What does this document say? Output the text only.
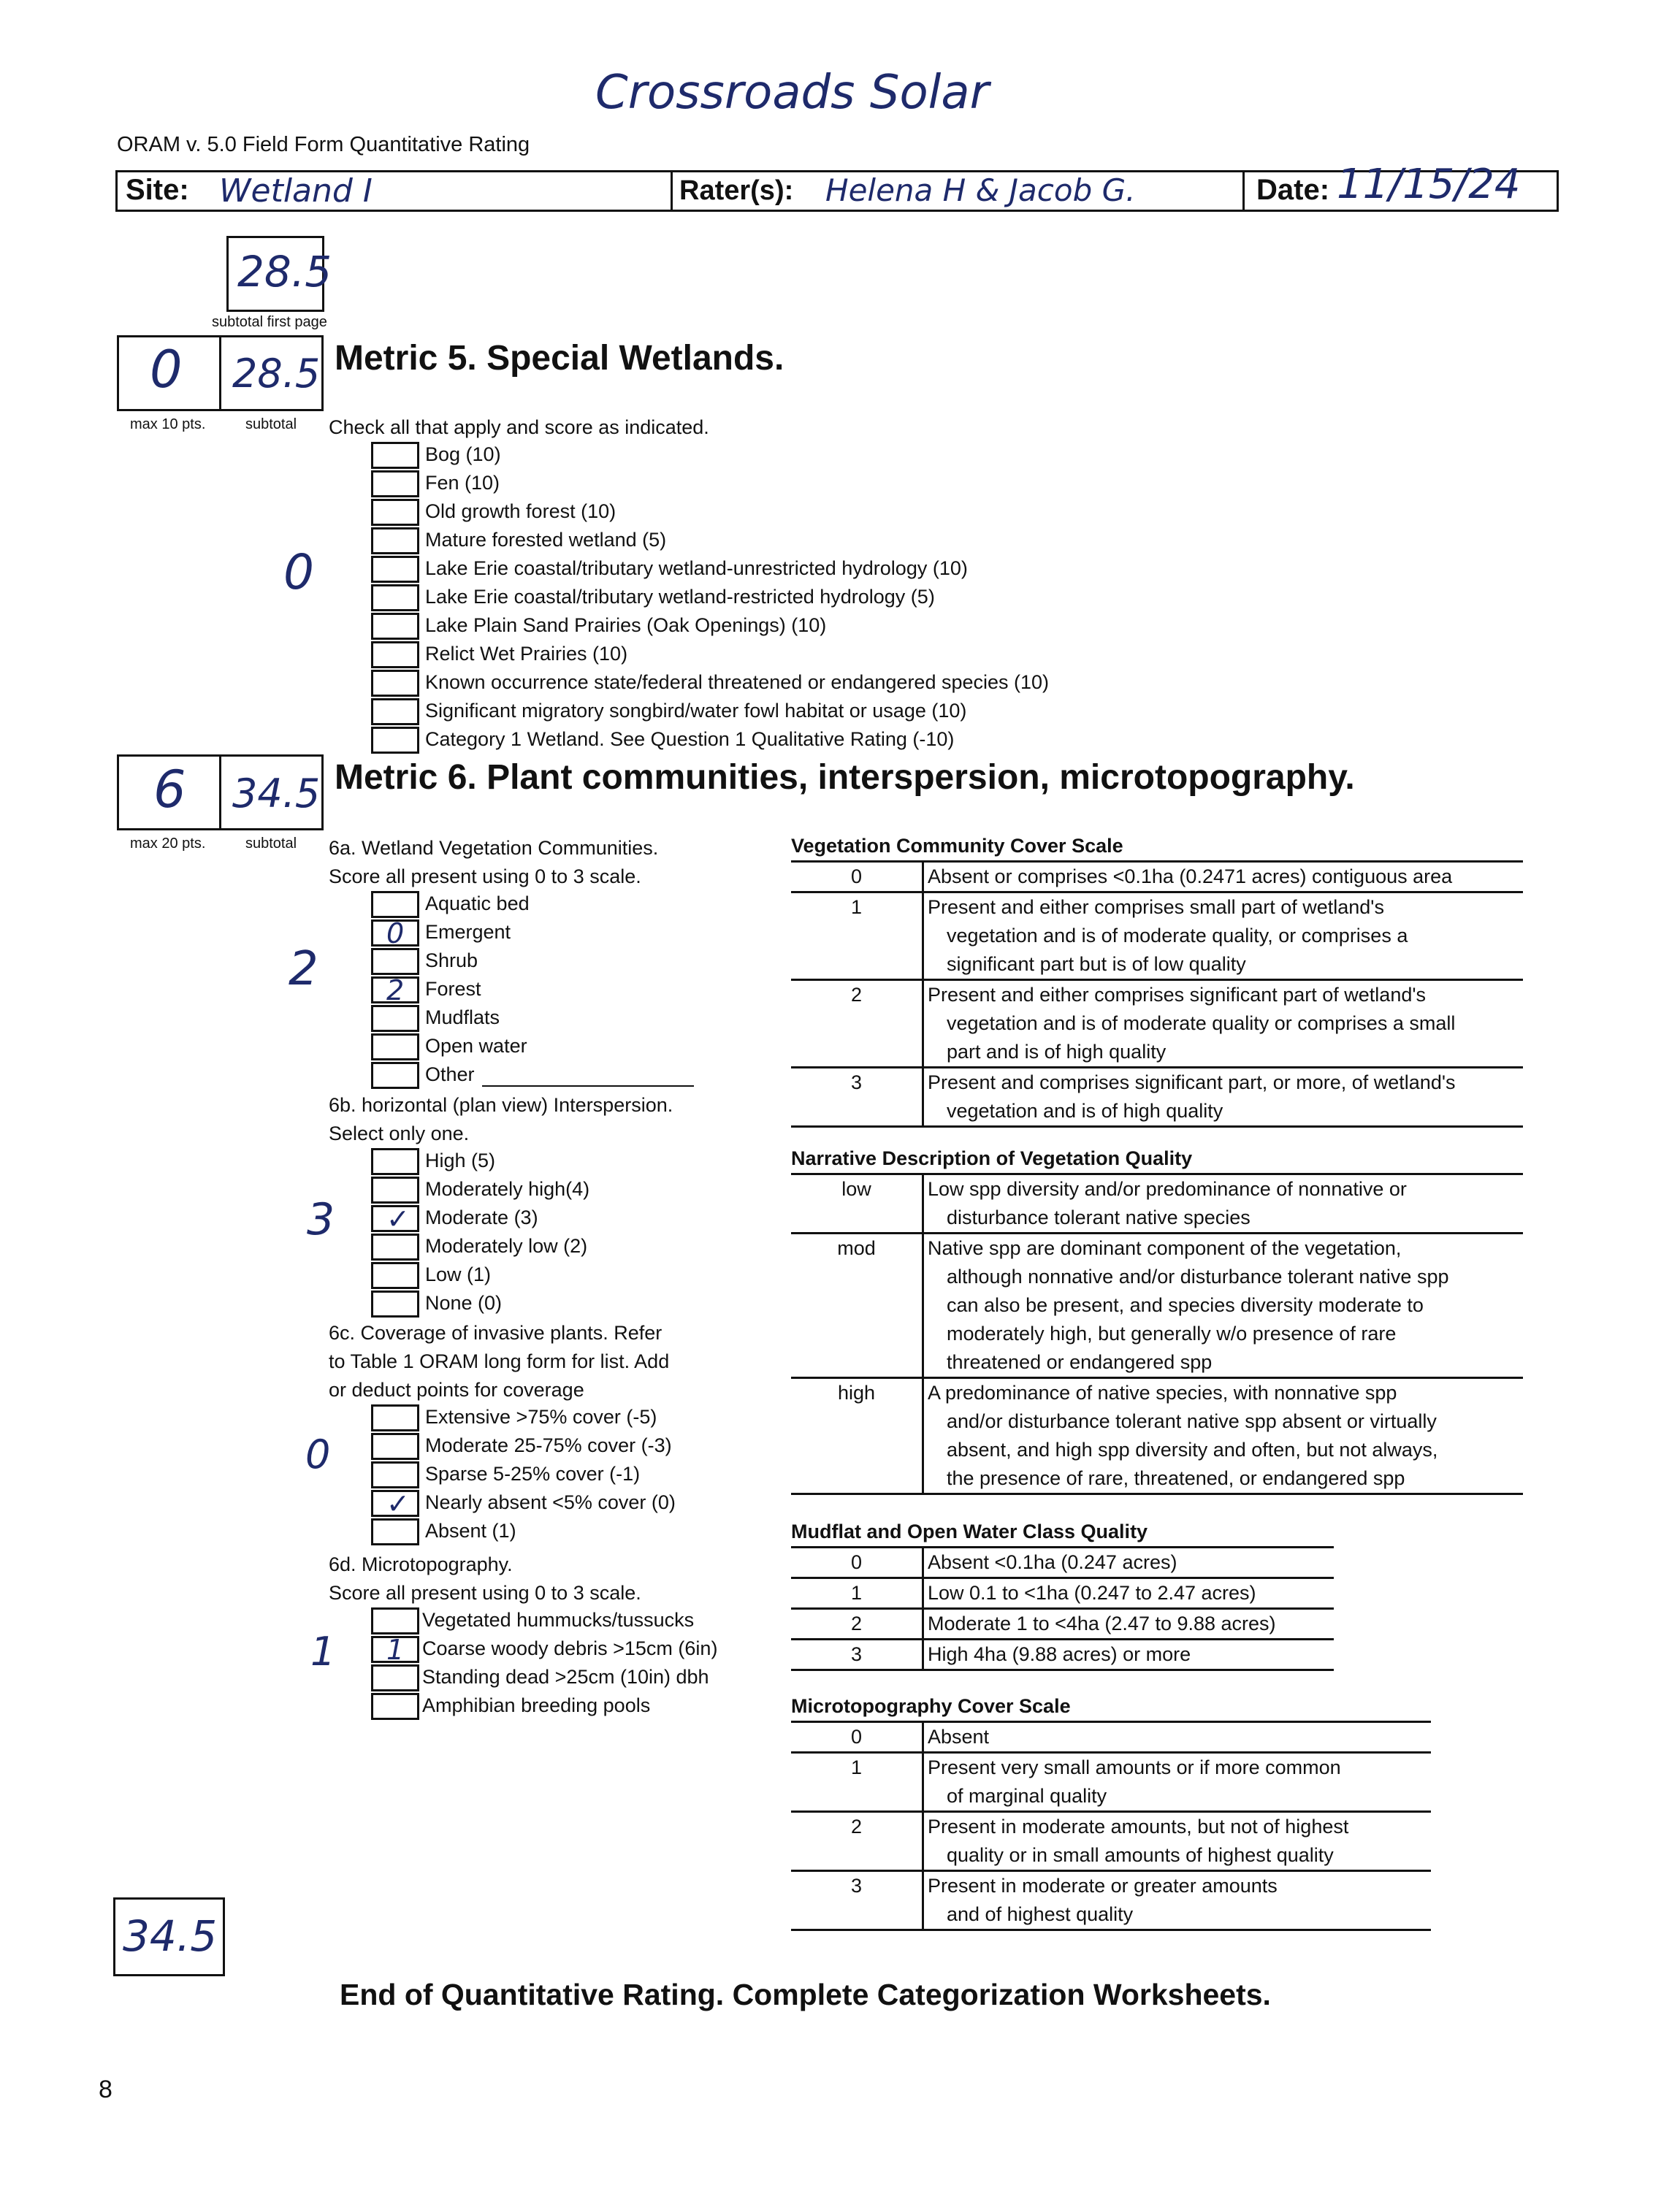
Crossroads Solar
ORAM v. 5.0 Field Form Quantitative Rating
Site: Wetland I	Rater(s): Helena H & Jacob G.	Date: 11/15/24
28.5
subtotal first page
0 28.5
max 10 pts.	subtotal
Metric 5. Special Wetlands.
Check all that apply and score as indicated.
0
Bog (10)
Fen (10)
Old growth forest (10)
Mature forested wetland (5)
Lake Erie coastal/tributary wetland-unrestricted hydrology (10)
Lake Erie coastal/tributary wetland-restricted hydrology (5)
Lake Plain Sand Prairies (Oak Openings) (10)
Relict Wet Prairies (10)
Known occurrence state/federal threatened or endangered species (10)
Significant migratory songbird/water fowl habitat or usage (10)
Category 1 Wetland. See Question 1 Qualitative Rating (-10)
6 34.5
max 20 pts.	subtotal
Metric 6. Plant communities, interspersion, microtopography.
6a. Wetland Vegetation Communities.
Score all present using 0 to 3 scale.
2
Aquatic bed
0 Emergent
Shrub
2 Forest
Mudflats
Open water
Other
6b. horizontal (plan view) Interspersion.
Select only one.
3
High (5)
Moderately high(4)
✓ Moderate (3)
Moderately low (2)
Low (1)
None (0)
6c. Coverage of invasive plants. Refer
to Table 1 ORAM long form for list. Add
or deduct points for coverage
0
Extensive >75% cover (-5)
Moderate 25-75% cover (-3)
Sparse 5-25% cover (-1)
✓ Nearly absent <5% cover (0)
Absent (1)
6d. Microtopography.
Score all present using 0 to 3 scale.
1
Vegetated hummucks/tussucks
1 Coarse woody debris >15cm (6in)
Standing dead >25cm (10in) dbh
Amphibian breeding pools
Vegetation Community Cover Scale
0	Absent or comprises <0.1ha (0.2471 acres) contiguous area
1	Present and either comprises small part of wetland's
vegetation and is of moderate quality, or comprises a
significant part but is of low quality
2	Present and either comprises significant part of wetland's
vegetation and is of moderate quality or comprises a small
part and is of high quality
3	Present and comprises significant part, or more, of wetland's
vegetation and is of high quality
Narrative Description of Vegetation Quality
low	Low spp diversity and/or predominance of nonnative or
disturbance tolerant native species
mod	Native spp are dominant component of the vegetation,
although nonnative and/or disturbance tolerant native spp
can also be present, and species diversity moderate to
moderately high, but generally w/o presence of rare
threatened or endangered spp
high	A predominance of native species, with nonnative spp
and/or disturbance tolerant native spp absent or virtually
absent, and high spp diversity and often, but not always,
the presence of rare, threatened, or endangered spp
Mudflat and Open Water Class Quality
0	Absent <0.1ha (0.247 acres)
1	Low 0.1 to <1ha (0.247 to 2.47 acres)
2	Moderate 1 to <4ha (2.47 to 9.88 acres)
3	High 4ha (9.88 acres) or more
Microtopography Cover Scale
0	Absent
1	Present very small amounts or if more common
of marginal quality
2	Present in moderate amounts, but not of highest
quality or in small amounts of highest quality
3	Present in moderate or greater amounts
and of highest quality
34.5
End of Quantitative Rating. Complete Categorization Worksheets.
8
